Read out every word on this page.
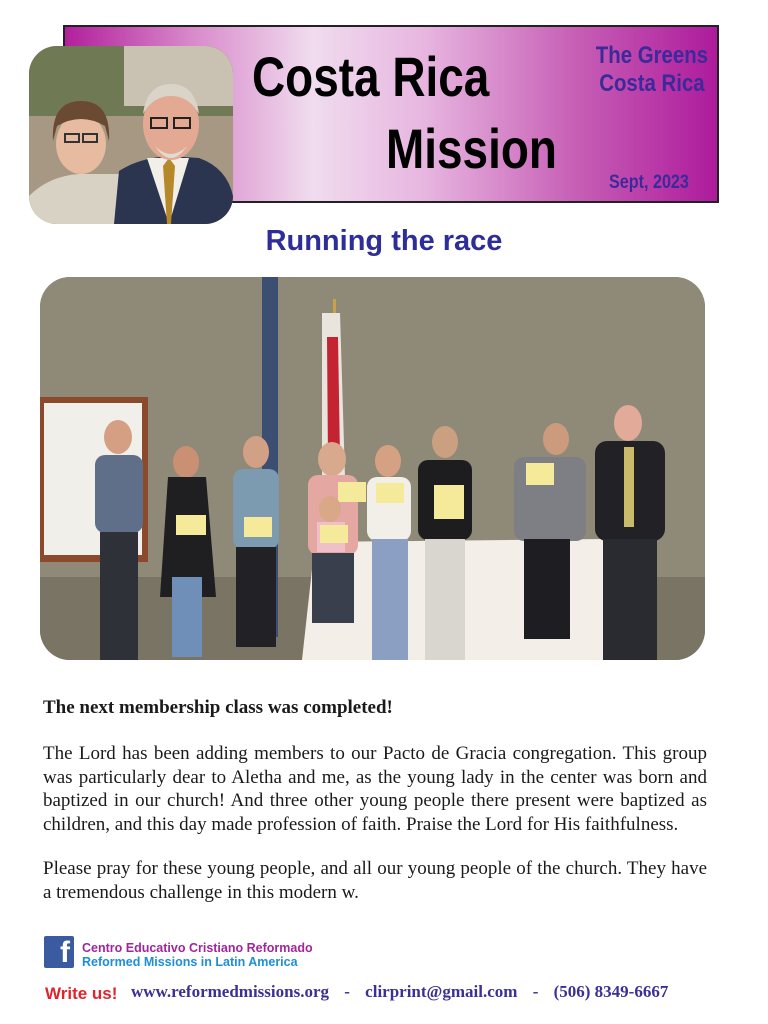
Costa Rica
Mission
The Greens
Costa Rica
Sept, 2023
Running the race
The next membership class was completed!

The Lord has been adding members to our Pacto de Gracia congregation. This group was particularly dear to Aletha and me, as the young lady in the center was born and baptized in our church! And three other young people there present were baptized as children, and this day made profession of faith. Praise the Lord for His faithfulness.

Please pray for these young people, and all our young people of the church. They have a tremendous challenge in this modern w.

f Centro Educativo Cristiano Reformado
Reformed Missions in Latin America
Write us! www.reformedmissions.org - clirprint@gmail.com - (506) 8349-6667
